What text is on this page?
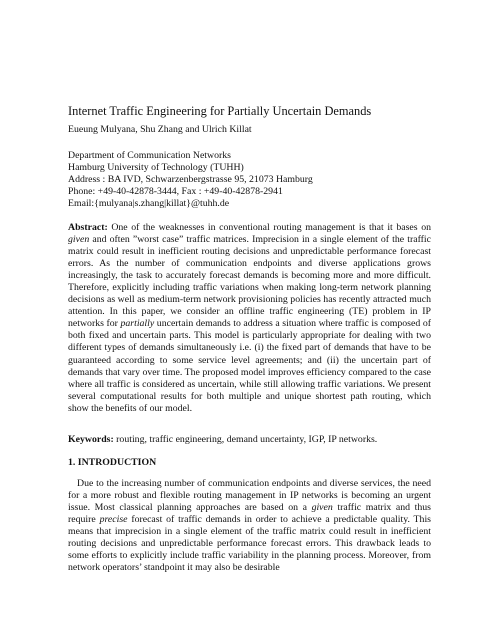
Internet Traffic Engineering for Partially Uncertain Demands
Eueung Mulyana, Shu Zhang and Ulrich Killat
Department of Communication Networks
Hamburg University of Technology (TUHH)
Address : BA IVD, Schwarzenbergstrasse 95, 21073 Hamburg
Phone: +49-40-42878-3444, Fax : +49-40-42878-2941
Email:{mulyana|s.zhang|killat}@tuhh.de
Abstract: One of the weaknesses in conventional routing management is that it bases on given and often ”worst case” traffic matrices. Imprecision in a single element of the traffic matrix could result in inefficient routing decisions and unpredictable performance forecast errors. As the number of communication endpoints and diverse applications grows increasingly, the task to accurately forecast demands is becoming more and more difficult. Therefore, explicitly including traffic variations when making long-term network planning decisions as well as medium-term network provisioning policies has recently attracted much attention. In this paper, we consider an offline traffic engineering (TE) problem in IP networks for partially uncertain demands to address a situation where traffic is composed of both fixed and uncertain parts. This model is particularly appropriate for dealing with two different types of demands simultaneously i.e. (i) the fixed part of demands that have to be guaranteed according to some service level agreements; and (ii) the uncertain part of demands that vary over time. The proposed model improves efficiency compared to the case where all traffic is considered as uncertain, while still allowing traffic variations. We present several computational results for both multiple and unique shortest path routing, which show the benefits of our model.
Keywords: routing, traffic engineering, demand uncertainty, IGP, IP networks.
1. INTRODUCTION
Due to the increasing number of communication endpoints and diverse services, the need for a more robust and flexible routing management in IP networks is becoming an urgent issue. Most classical planning approaches are based on a given traffic matrix and thus require precise forecast of traffic demands in order to achieve a predictable quality. This means that imprecision in a single element of the traffic matrix could result in inefficient routing decisions and unpredictable performance forecast errors. This drawback leads to some efforts to explicitly include traffic variability in the planning process. Moreover, from network operators’ standpoint it may also be desirable
